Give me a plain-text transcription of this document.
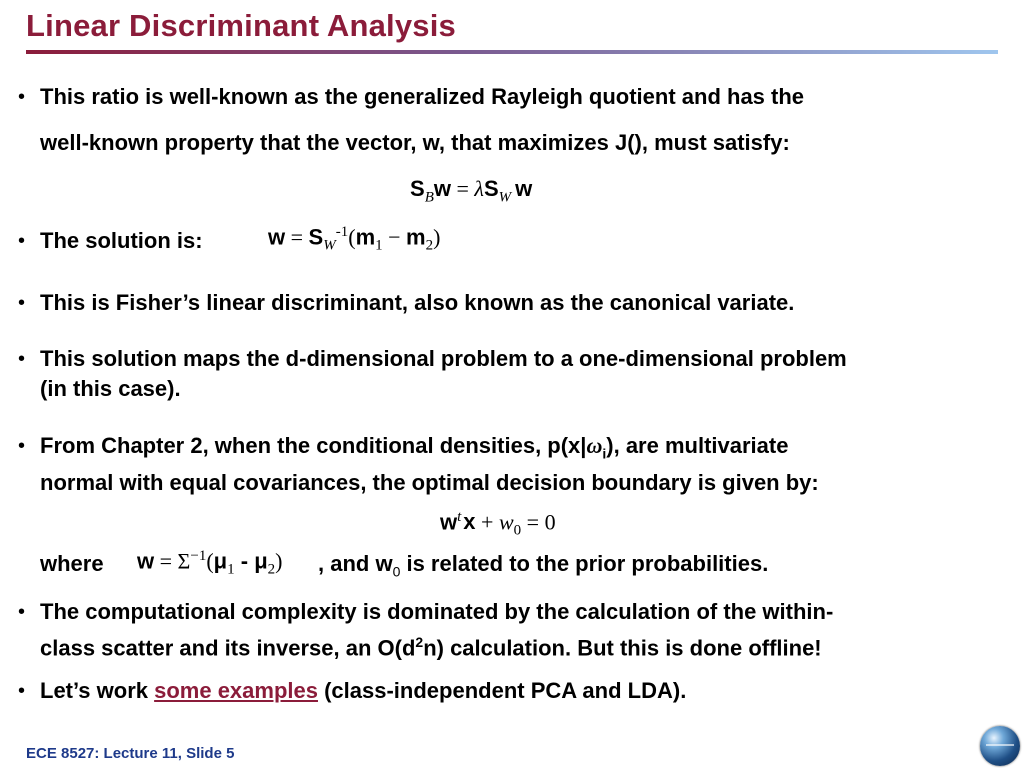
Linear Discriminant Analysis
• This ratio is well-known as the generalized Rayleigh quotient and has the
well-known property that the vector, w, that maximizes J(), must satisfy:
$S_Bw = \lambda S_W$ w
• The solution is:	$w = S_W^{-1}(m_1 - m_2)$
• This is Fisher’s linear discriminant, also known as the canonical variate.
• This solution maps the d-dimensional problem to a one-dimensional problem
(in this case).
• From Chapter 2, when the conditional densities, $p(x|\omega_i)$, are multivariate
normal with equal covariances, the optimal decision boundary is given by:
$w^tx + w_0 = 0$
where $w = \Sigma^{-1}(\mu_1 - \mu_2)$ , and $w_0$ is related to the prior probabilities.
• The computational complexity is dominated by the calculation of the within-
class scatter and its inverse, an $O(d^2n)$ calculation. But this is done offline!
• Let’s work some examples (class-independent PCA and LDA).
ECE 8527: Lecture 11, Slide 5
